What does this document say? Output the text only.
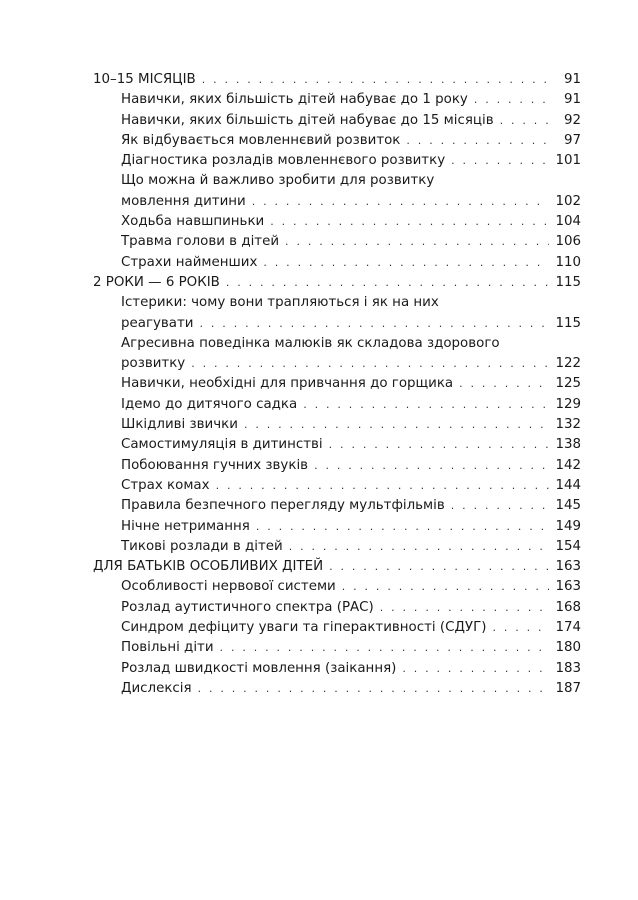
10–15 МІСЯЦІВ . . .	91
Навички, яких більшість дітей набуває до 1 року . . .	91
Навички, яких більшість дітей набуває до 15 місяців . . .	92
Як відбувається мовленнєвий розвиток . . .	97
Діагностика розладів мовленнєвого розвитку . . .	101
Що можна й важливо зробити для розвитку
мовлення дитини . . .	102
Ходьба навшпиньки . . .	104
Травма голови в дітей . . .	106
Страхи найменших . . .	110
2 РОКИ — 6 РОКІВ . . .	115
Істерики: чому вони трапляються і як на них
реагувати . . .	115
Агресивна поведінка малюків як складова здорового
розвитку . . .	122
Навички, необхідні для привчання до горщика . . .	125
Ідемо до дитячого садка . . .	129
Шкідливі звички . . .	132
Самостимуляція в дитинстві . . .	138
Побоювання гучних звуків . . .	142
Страх комах . . .	144
Правила безпечного перегляду мультфільмів . . .	145
Нічне нетримання . . .	149
Тикові розлади в дітей . . .	154
ДЛЯ БАТЬКІВ ОСОБЛИВИХ ДІТЕЙ . . .	163
Особливості нервової системи . . .	163
Розлад аутистичного спектра (РАС) . . .	168
Синдром дефіциту уваги та гіперактивності (СДУГ) . . .	174
Повільні діти . . .	180
Розлад швидкості мовлення (заікання) . . .	183
Дислексія . . .	187
